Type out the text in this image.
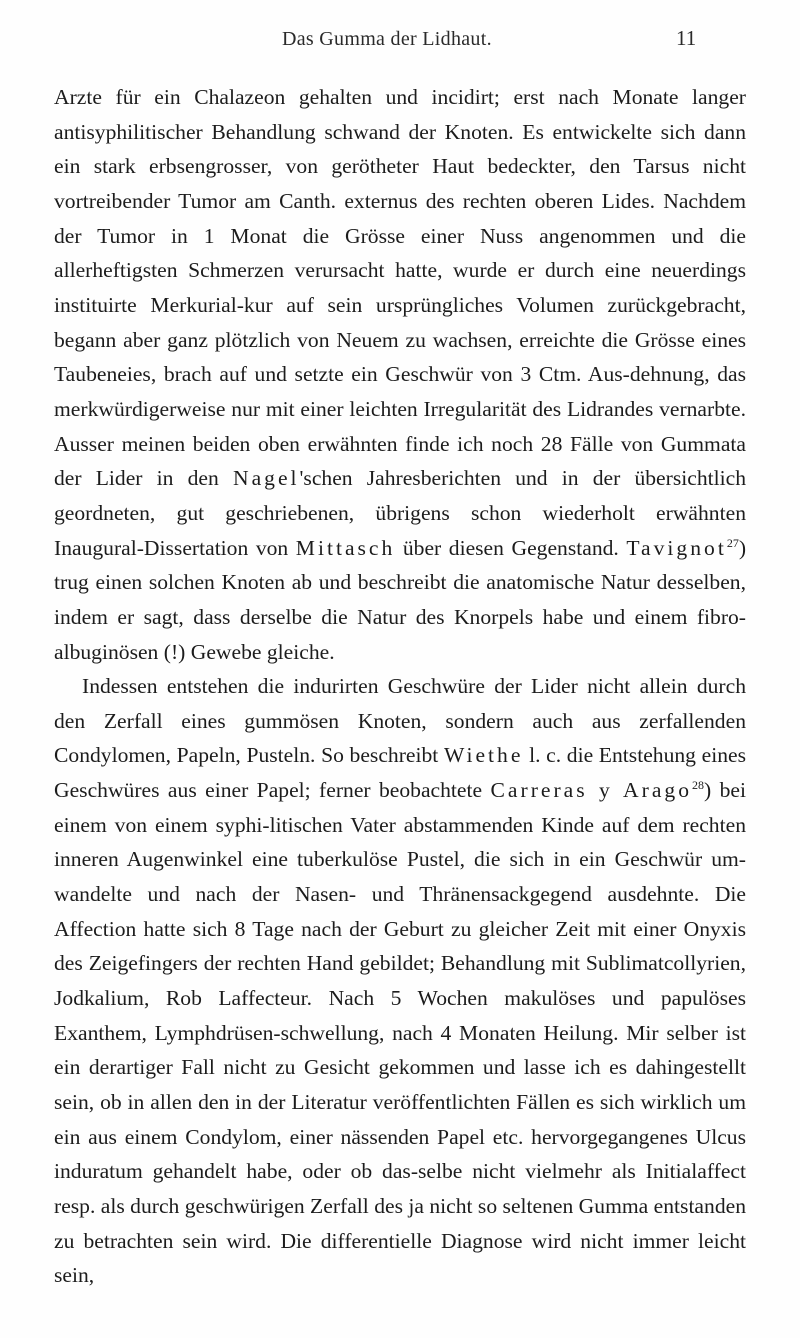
Das Gumma der Lidhaut.	11

Arzte für ein Chalazeon gehalten und incidirt; erst nach Monate langer antisyphilitischer Behandlung schwand der Knoten. Es entwickelte sich dann ein stark erbsengrosser, von gerötheter Haut bedeckter, den Tarsus nicht vortreibender Tumor am Canth. externus des rechten oberen Lides. Nachdem der Tumor in 1 Monat die Grösse einer Nuss angenommen und die allerheftigsten Schmerzen verursacht hatte, wurde er durch eine neuerdings instituirte Merkurial-kur auf sein ursprüngliches Volumen zurückgebracht, begann aber ganz plötzlich von Neuem zu wachsen, erreichte die Grösse eines Taubeneies, brach auf und setzte ein Geschwür von 3 Ctm. Aus-dehnung, das merkwürdigerweise nur mit einer leichten Irregularität des Lidrandes vernarbte. Ausser meinen beiden oben erwähnten finde ich noch 28 Fälle von Gummata der Lider in den Nagel'schen Jahresberichten und in der übersichtlich geordneten, gut geschriebenen, übrigens schon wiederholt erwähnten Inaugural-Dissertation von Mittasch über diesen Gegenstand. Tavignot$^{27}$) trug einen solchen Knoten ab und beschreibt die anatomische Natur desselben, indem er sagt, dass derselbe die Natur des Knorpels habe und einem fibro-albuginösen (!) Gewebe gleiche.

Indessen entstehen die indurirten Geschwüre der Lider nicht allein durch den Zerfall eines gummösen Knoten, sondern auch aus zerfallenden Condylomen, Papeln, Pusteln. So beschreibt Wiethe l. c. die Entstehung eines Geschwüres aus einer Papel; ferner beobachtete Carreras y Arago$^{28}$) bei einem von einem syphi-litischen Vater abstammenden Kinde auf dem rechten inneren Augenwinkel eine tuberkulöse Pustel, die sich in ein Geschwür um-wandelte und nach der Nasen- und Thränensackgegend ausdehnte. Die Affection hatte sich 8 Tage nach der Geburt zu gleicher Zeit mit einer Onyxis des Zeigefingers der rechten Hand gebildet; Behandlung mit Sublimatcollyrien, Jodkalium, Rob Laffecteur. Nach 5 Wochen makulöses und papulöses Exanthem, Lymphdrüsen-schwellung, nach 4 Monaten Heilung. Mir selber ist ein derartiger Fall nicht zu Gesicht gekommen und lasse ich es dahingestellt sein, ob in allen den in der Literatur veröffentlichten Fällen es sich wirklich um ein aus einem Condylom, einer nässenden Papel etc. hervorgegangenes Ulcus induratum gehandelt habe, oder ob das-selbe nicht vielmehr als Initialaffect resp. als durch geschwürigen Zerfall des ja nicht so seltenen Gumma entstanden zu betrachten sein wird. Die differentielle Diagnose wird nicht immer leicht sein,
